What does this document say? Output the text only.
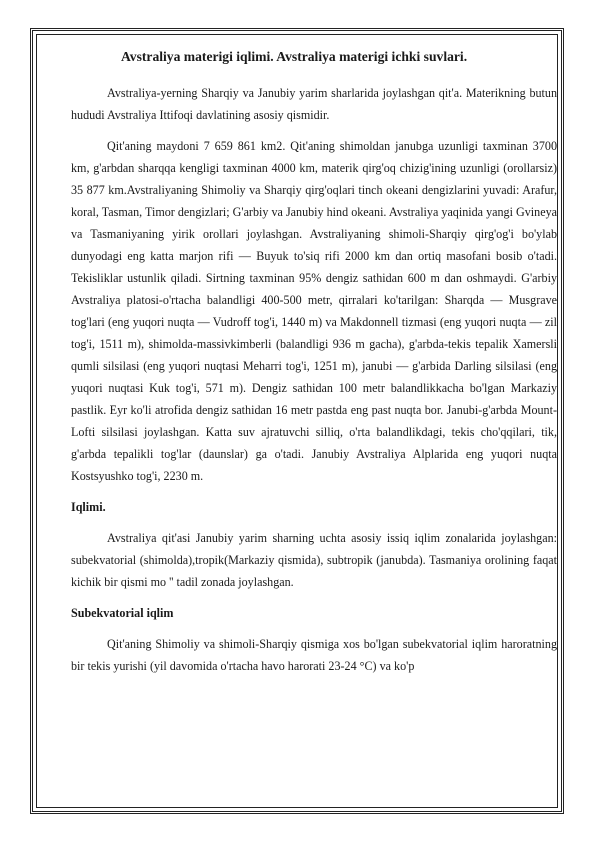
Avstraliya materigi iqlimi. Avstraliya materigi ichki suvlari.

Avstraliya-yerning Sharqiy va Janubiy yarim sharlarida joylashgan qit'a. Materikning butun hududi Avstraliya Ittifoqi davlatining asosiy qismidir.

Qit'aning maydoni 7 659 861 km2. Qit'aning shimoldan janubga uzunligi taxminan 3700 km, g'arbdan sharqqa kengligi taxminan 4000 km, materik qirg'oq chizig'ining uzunligi (orollarsiz) 35 877 km.Avstraliyaning Shimoliy va Sharqiy qirg'oqlari tinch okeani dengizlarini yuvadi: Arafur, koral, Tasman, Timor dengizlari; G'arbiy va Janubiy hind okeani. Avstraliya yaqinida yangi Gvineya va Tasmaniyaning yirik orollari joylashgan. Avstraliyaning shimoli-Sharqiy qirg'og'i bo'ylab dunyodagi eng katta marjon rifi — Buyuk to'siq rifi 2000 km dan ortiq masofani bosib o'tadi. Tekisliklar ustunlik qiladi. Sirtning taxminan 95% dengiz sathidan 600 m dan oshmaydi. G'arbiy Avstraliya platosi-o'rtacha balandligi 400-500 metr, qirralari ko'tarilgan: Sharqda — Musgrave tog'lari (eng yuqori nuqta — Vudroff tog'i, 1440 m) va Makdonnell tizmasi (eng yuqori nuqta — zil tog'i, 1511 m), shimolda-massivkimberli (balandligi 936 m gacha), g'arbda-tekis tepalik Xamersli qumli silsilasi (eng yuqori nuqtasi Meharri tog'i, 1251 m), janubi — g'arbida Darling silsilasi (eng yuqori nuqtasi Kuk tog'i, 571 m). Dengiz sathidan 100 metr balandlikkacha bo'lgan Markaziy pastlik. Eyr ko'li atrofida dengiz sathidan 16 metr pastda eng past nuqta bor. Janubi-g'arbda Mount-Lofti silsilasi joylashgan. Katta suv ajratuvchi silliq, o'rta balandlikdagi, tekis cho'qqilari, tik, g'arbda tepalikli tog'lar (daunslar) ga o'tadi. Janubiy Avstraliya Alplarida eng yuqori nuqta Kostsyushko tog'i, 2230 m.

Iqlimi.

Avstraliya qit'asi Janubiy yarim sharning uchta asosiy issiq iqlim zonalarida joylashgan: subekvatorial (shimolda),tropik(Markaziy qismida), subtropik (janubda). Tasmaniya orolining faqat kichik bir qismi mo '' tadil zonada joylashgan.

Subekvatorial iqlim

Qit'aning Shimoliy va shimoli-Sharqiy qismiga xos bo'lgan subekvatorial iqlim haroratning bir tekis yurishi (yil davomida o'rtacha havo harorati 23-24 °C) va ko'p
